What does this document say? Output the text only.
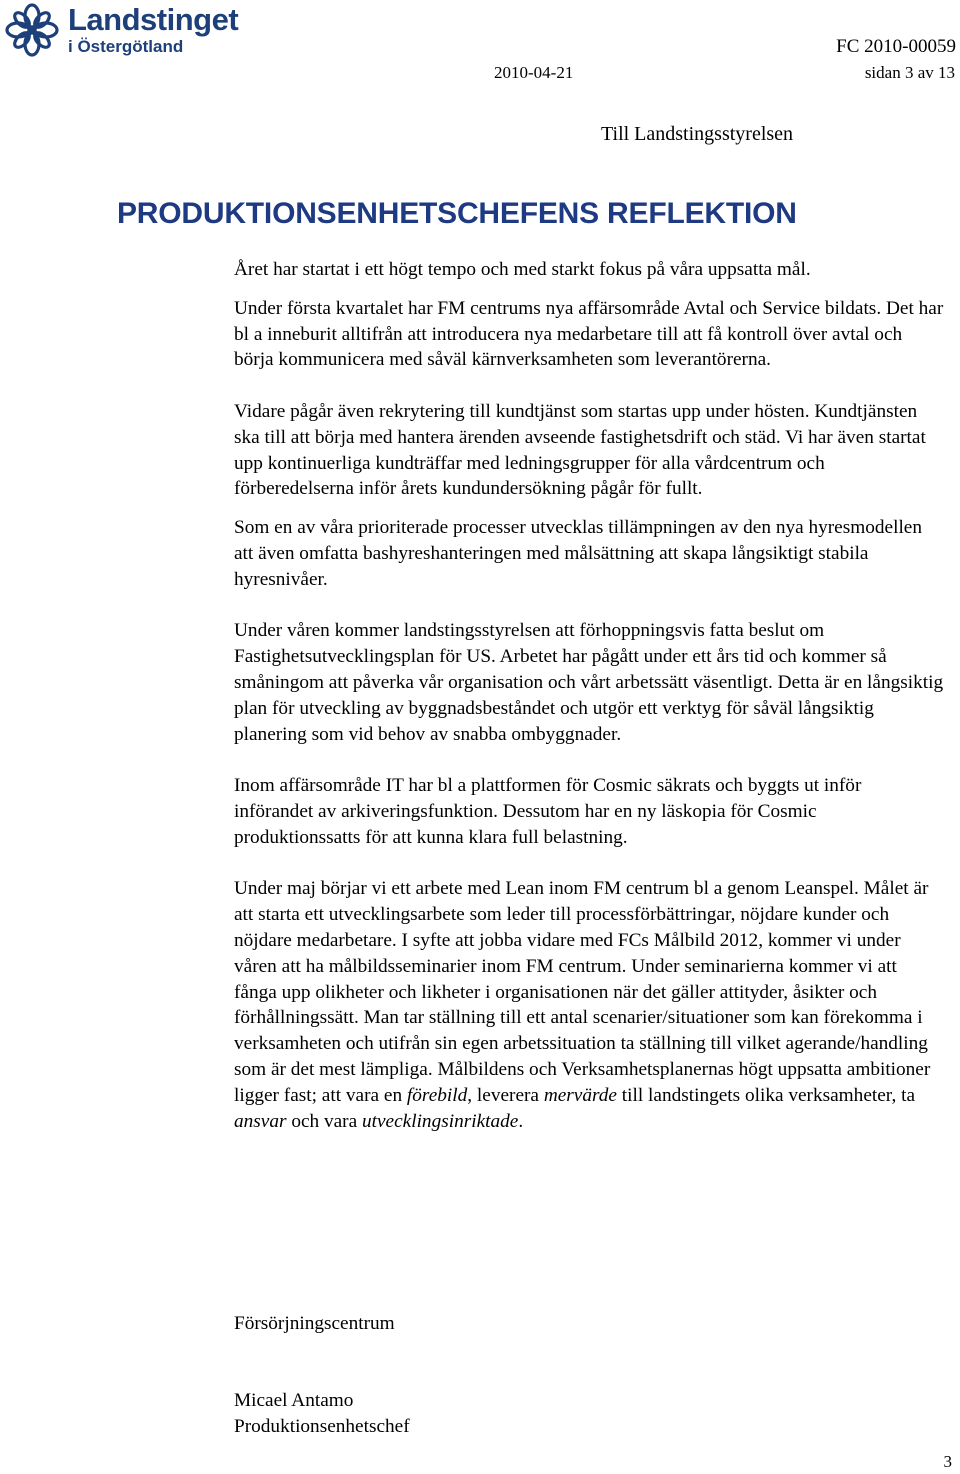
Landstinget
i Östergötland	FC 2010-00059
2010-04-21	sidan 3 av 13
Till Landstingsstyrelsen
PRODUKTIONSENHETSCHEFENS REFLEKTION

Året har startat i ett högt tempo och med starkt fokus på våra uppsatta mål.

Under första kvartalet har FM centrums nya affärsområde Avtal och Service bildats. Det har bl a inneburit alltifrån att introducera nya medarbetare till att få kontroll över avtal och börja kommunicera med såväl kärnverksamheten som leverantörerna.

Vidare pågår även rekrytering till kundtjänst som startas upp under hösten. Kundtjänsten ska till att börja med hantera ärenden avseende fastighetsdrift och städ. Vi har även startat upp kontinuerliga kundträffar med ledningsgrupper för alla vårdcentrum och förberedelserna inför årets kundundersökning pågår för fullt.

Som en av våra prioriterade processer utvecklas tillämpningen av den nya hyresmodellen att även omfatta bashyreshanteringen med målsättning att skapa långsiktigt stabila hyresnivåer.

Under våren kommer landstingsstyrelsen att förhoppningsvis fatta beslut om Fastighetsutvecklingsplan för US. Arbetet har pågått under ett års tid och kommer så småningom att påverka vår organisation och vårt arbetssätt väsentligt. Detta är en långsiktig plan för utveckling av byggnadsbeståndet och utgör ett verktyg för såväl långsiktig planering som vid behov av snabba ombyggnader.

Inom affärsområde IT har bl a plattformen för Cosmic säkrats och byggts ut inför införandet av arkiveringsfunktion. Dessutom har en ny läskopia för Cosmic produktionssatts för att kunna klara full belastning.

Under maj börjar vi ett arbete med Lean inom FM centrum bl a genom Leanspel. Målet är att starta ett utvecklingsarbete som leder till processförbättringar, nöjdare kunder och nöjdare medarbetare. I syfte att jobba vidare med FCs Målbild 2012, kommer vi under våren att ha målbildsseminarier inom FM centrum. Under seminarierna kommer vi att fånga upp olikheter och likheter i organisationen när det gäller attityder, åsikter och förhållningssätt. Man tar ställning till ett antal scenarier/situationer som kan förekomma i verksamheten och utifrån sin egen arbetssituation ta ställning till vilket agerande/handling som är det mest lämpliga. Målbildens och Verksamhetsplanernas högt uppsatta ambitioner ligger fast; att vara en förebild, leverera mervärde till landstingets olika verksamheter, ta ansvar och vara utvecklingsinriktade.

Försörjningscentrum
Micael Antamo
Produktionsenhetschef
3
